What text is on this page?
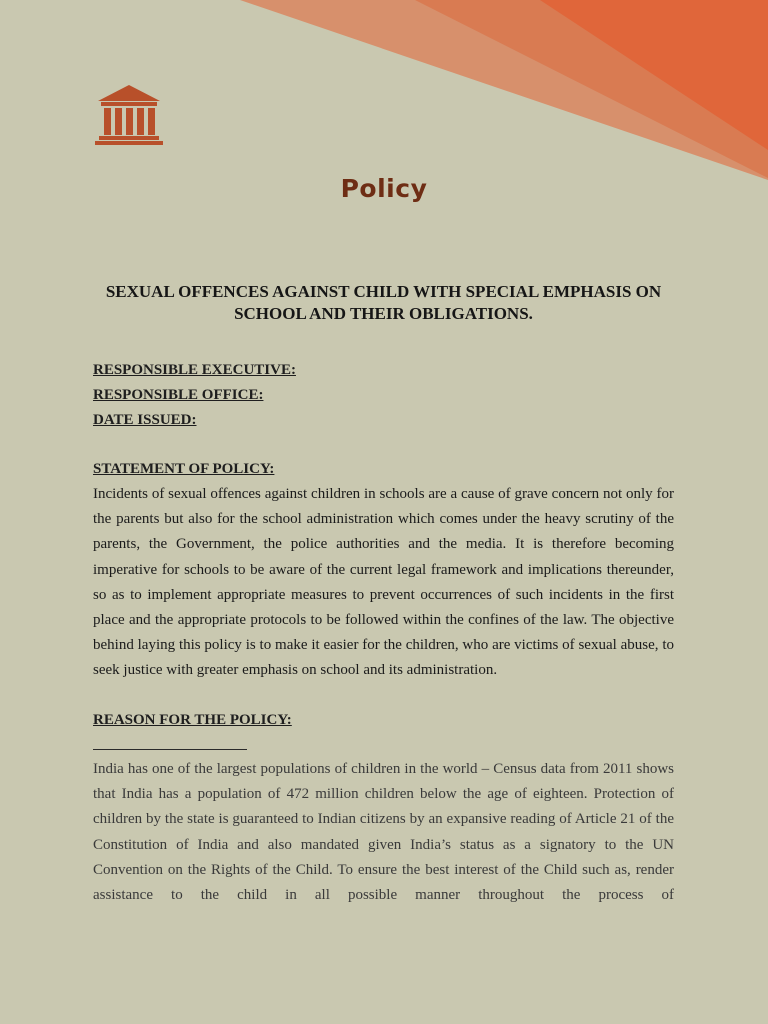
Policy
SEXUAL OFFENCES AGAINST CHILD WITH SPECIAL EMPHASIS ON SCHOOL AND THEIR OBLIGATIONS.
RESPONSIBLE EXECUTIVE:
RESPONSIBLE OFFICE:
DATE ISSUED:
STATEMENT OF POLICY:

Incidents of sexual offences against children in schools are a cause of grave concern not only for the parents but also for the school administration which comes under the heavy scrutiny of the parents, the Government, the police authorities and the media. It is therefore becoming imperative for schools to be aware of the current legal framework and implications thereunder, so as to implement appropriate measures to prevent occurrences of such incidents in the first place and the appropriate protocols to be followed within the confines of the law. The objective behind laying this policy is to make it easier for the children, who are victims of sexual abuse, to seek justice with greater emphasis on school and its administration.

REASON FOR THE POLICY:

India has one of the largest populations of children in the world – Census data from 2011 shows that India has a population of 472 million children below the age of eighteen. Protection of children by the state is guaranteed to Indian citizens by an expansive reading of Article 21 of the Constitution of India and also mandated given India’s status as a signatory to the UN Convention on the Rights of the Child. To ensure the best interest of the Child such as, render assistance to the child in all possible manner throughout the process of
